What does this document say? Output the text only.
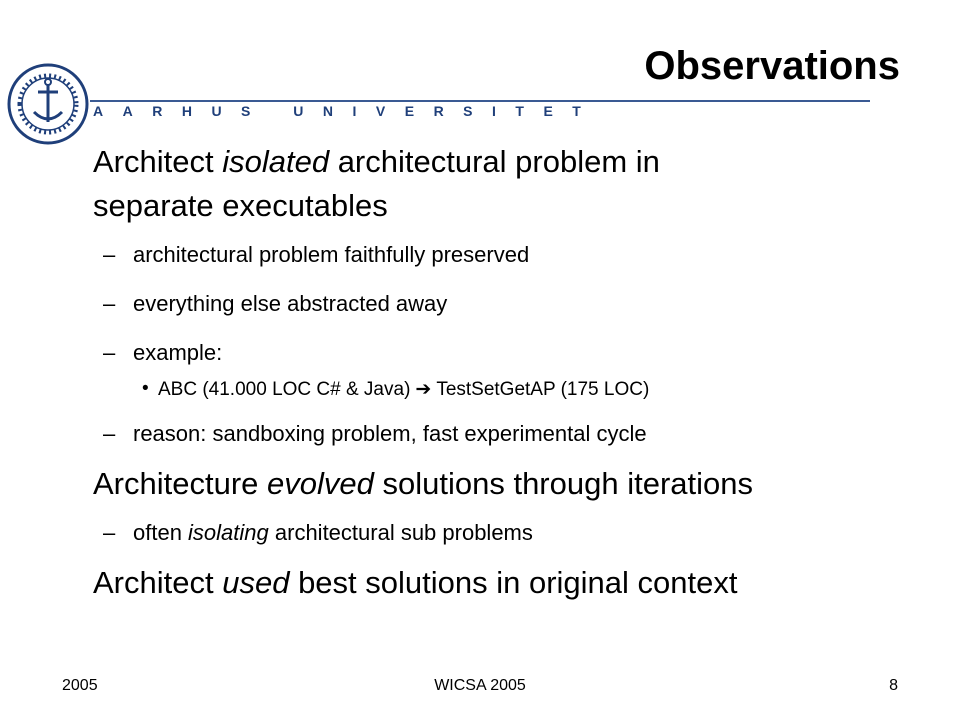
AARHUS UNIVERSITET
Observations
Architect isolated architectural problem in
separate executables
– architectural problem faithfully preserved
– everything else abstracted away
– example:
• ABC (41.000 LOC C# & Java) ➔ TestSetGetAP (175 LOC)
– reason: sandboxing problem, fast experimental cycle
Architecture evolved solutions through iterations
– often isolating architectural sub problems
Architect used best solutions in original context
2005	WICSA 2005	8
